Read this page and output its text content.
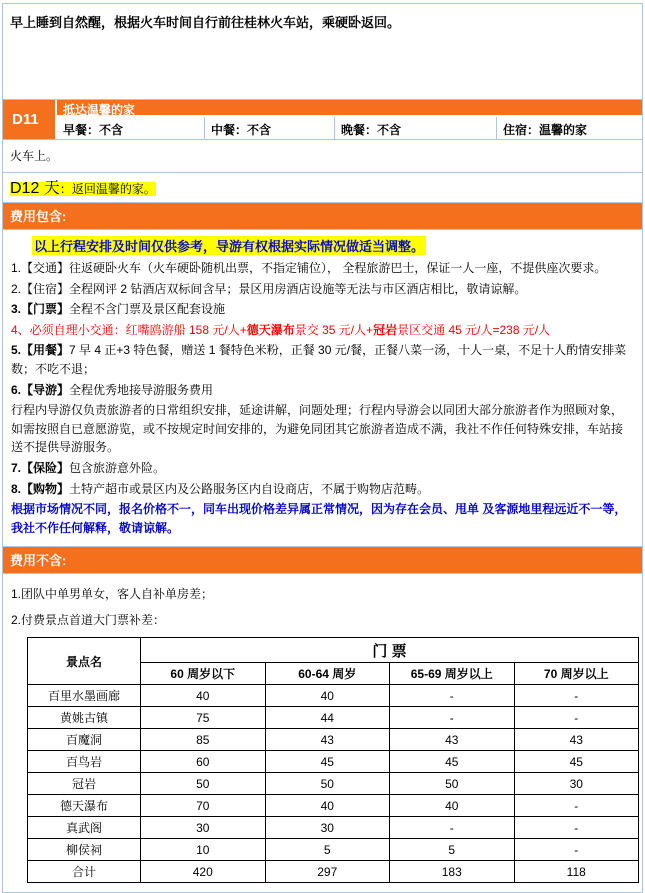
早上睡到自然醒，根据火车时间自行前往桂林火车站，乘硬卧返回。

D11
抵达温馨的家
早餐：不含	中餐：不含	晚餐：不含	住宿：温馨的家
火车上。
D12 天：返回温馨的家。
费用包含:
以上行程安排及时间仅供参考，导游有权根据实际情况做适当调整。
1.【交通】往返硬卧火车（火车硬卧随机出票，不指定铺位）， 全程旅游巴士，保证一人一座，不提供座次要求。
2.【住宿】全程网评 2 钻酒店双标间含早；景区用房酒店设施等无法与市区酒店相比，敬请谅解。
3.【门票】全程不含门票及景区配套设施
4、必须自理小交通：红嘴鸥游船 158 元/人+德天瀑布景交 35 元/人+冠岩景区交通 45 元/人=238 元/人
5.【用餐】7 早 4 正+3 特色餐，赠送 1 餐特色米粉，正餐 30 元/餐，正餐八菜一汤，十人一桌，不足十人酌情安排菜数；不吃不退；
6.【导游】全程优秀地接导游服务费用
行程内导游仅负责旅游者的日常组织安排，延途讲解，问题处理；行程内导游会以同团大部分旅游者作为照顾对象，如需按照自已意愿游览，或不按规定时间安排的，为避免同团其它旅游者造成不满，我社不作任何特殊安排，车站接送不提供导游服务。
7.【保险】包含旅游意外险。
8.【购物】土特产超市或景区内及公路服务区内自设商店，不属于购物店范畴。
根据市场情况不同，报名价格不一，同车出现价格差异属正常情况，因为存在会员、甩单 及客源地里程远近不一等，我社不作任何解释，敬请谅解。
费用不含:
1.团队中单男单女，客人自补单房差；
2.付费景点首道大门票补差：
景点名	门 票			
	60 周岁以下	60-64 周岁	65-69 周岁以上	70 周岁以上
百里水墨画廊	40	40	-	-
黄姚古镇	75	44	-	-
百魔洞	85	43	43	43
百鸟岩	60	45	45	45
冠岩	50	50	50	30
德天瀑布	70	40	40	-
真武阁	30	30	-	-
柳侯祠	10	5	5	-
合计	420	297	183	118
